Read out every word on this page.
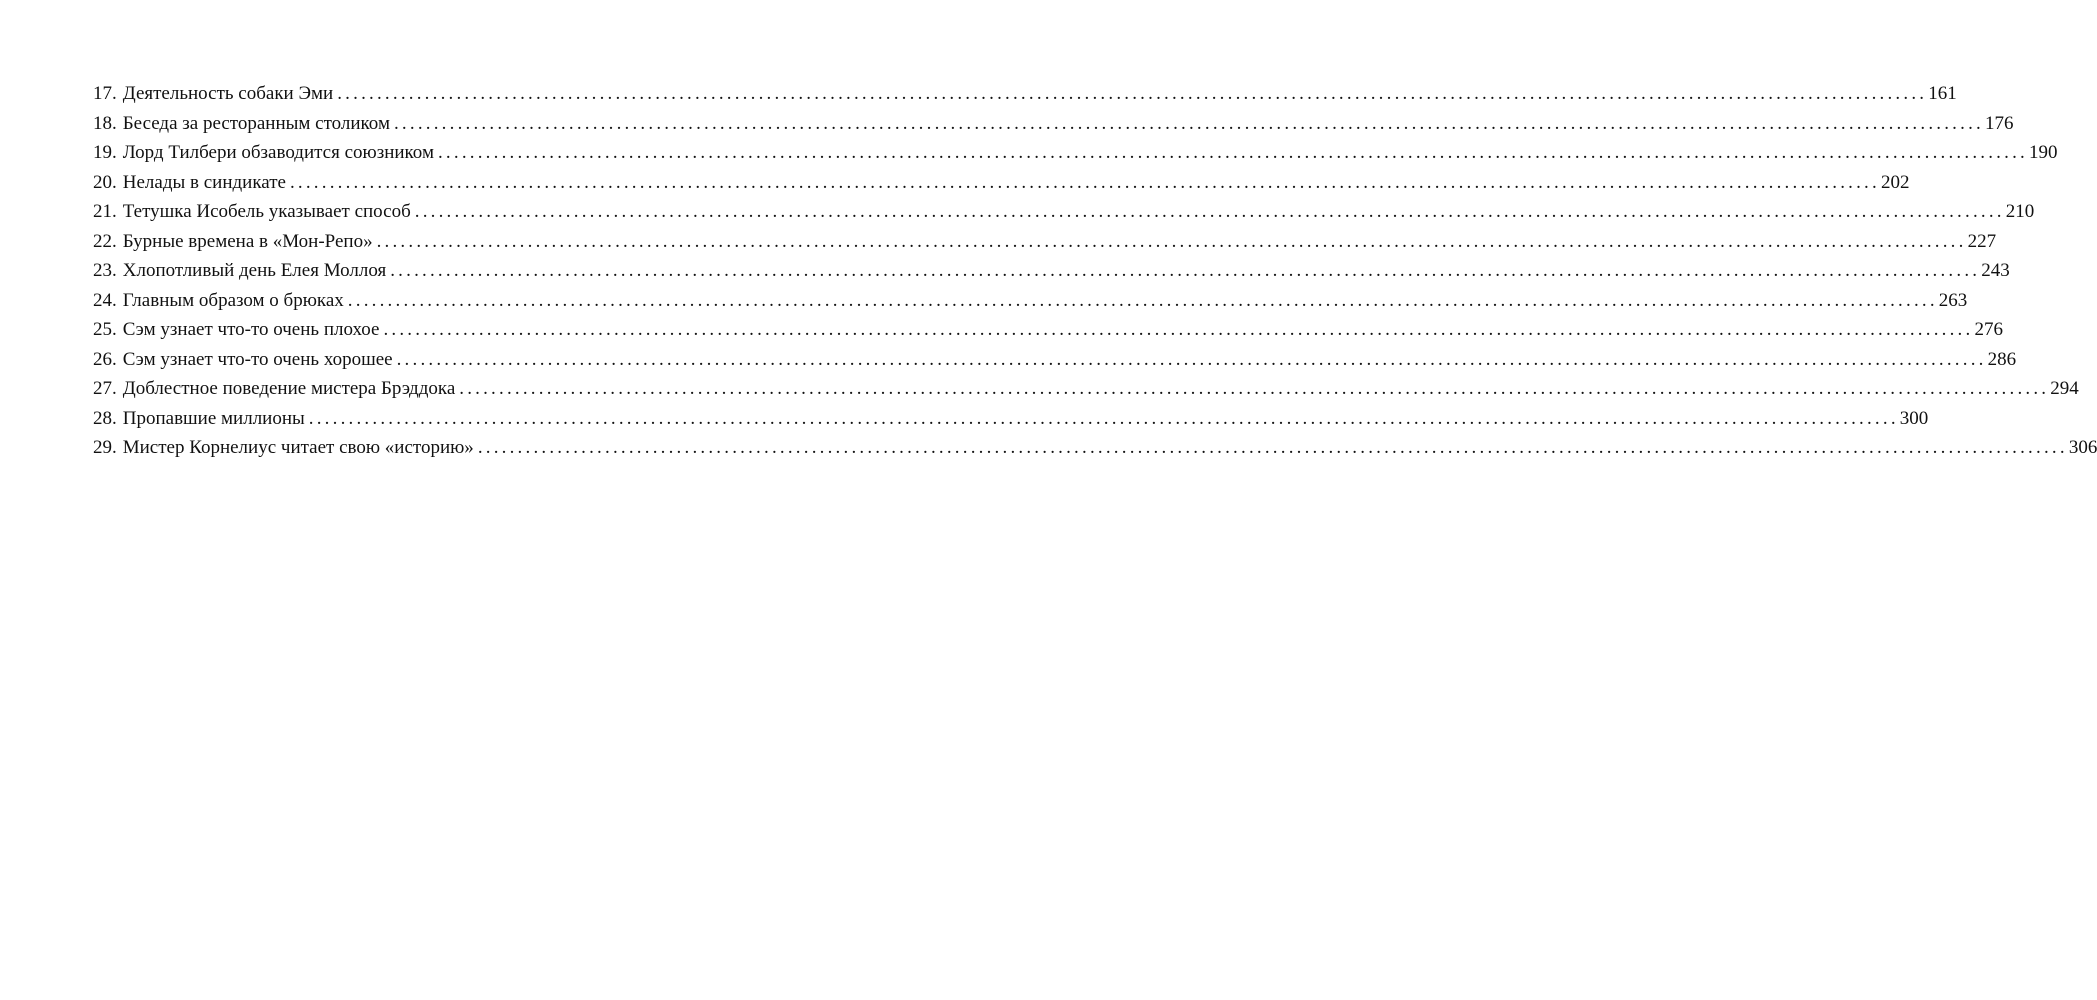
17. Деятельность собаки Эми ........................................................................................................................................................................................................ 161
18. Беседа за ресторанным столиком ........................................................................................................................................................................................................ 176
19. Лорд Тилбери обзаводится союзником ........................................................................................................................................................................................................ 190
20. Нелады в синдикате ........................................................................................................................................................................................................ 202
21. Тетушка Исобель указывает способ ........................................................................................................................................................................................................ 210
22. Бурные времена в «Мон-Репо» ........................................................................................................................................................................................................ 227
23. Хлопотливый день Елея Моллоя ........................................................................................................................................................................................................ 243
24. Главным образом о брюках ........................................................................................................................................................................................................ 263
25. Сэм узнает что-то очень плохое ........................................................................................................................................................................................................ 276
26. Сэм узнает что-то очень хорошее ........................................................................................................................................................................................................ 286
27. Доблестное поведение мистера Брэддока ........................................................................................................................................................................................................ 294
28. Пропавшие миллионы ........................................................................................................................................................................................................ 300
29. Мистер Корнелиус читает свою «историю» ........................................................................................................................................................................................................ 306
